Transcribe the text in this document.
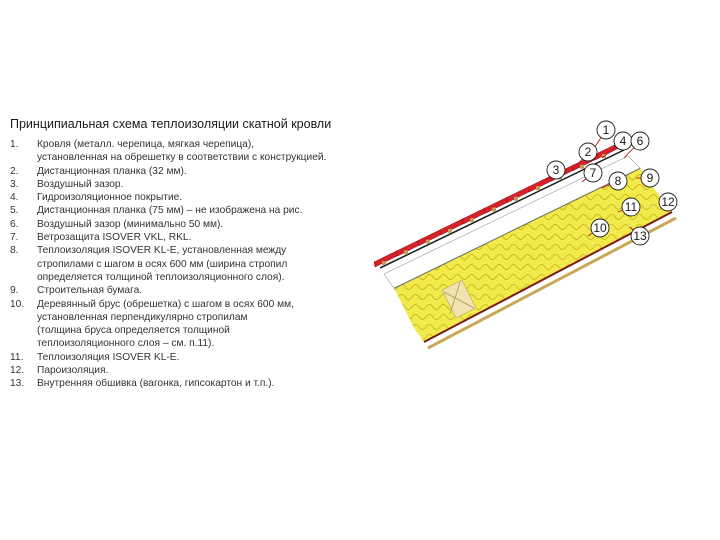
Принципиальная схема теплоизоляции скатной кровли
1.	Кровля (металл. черепица, мягкая черепица),
установленная на обрешетку в соответствии с конструкцией.
2.	Дистанционная планка (32 мм).
3.	Воздушный зазор.
4.	Гидроизоляционное покрытие.
5.	Дистанционная планка (75 мм) – не изображена на рис.
6.	Воздушный зазор (минимально 50 мм).
7.	Ветрозащита ISOVER VKL, RKL.
8.	Теплоизоляция ISOVER KL-E, установленная между
стропилами с шагом в осях 600 мм (ширина стропил
определяется толщиной теплоизоляционного слоя).
9.	Строительная бумага.
10.	Деревянный брус (обрешетка) с шагом в осях 600 мм,
установленная перпендикулярно стропилам
(толщина бруса определяется толщиной
теплоизоляционного слоя – см. п.11).
11.	Теплоизоляция ISOVER KL-E.
12.	Пароизоляция.
13.	Внутренняя обшивка (вагонка, гипсокартон и т.п.).
1
2
3
4 6
7
8 9
10
11 12
13
